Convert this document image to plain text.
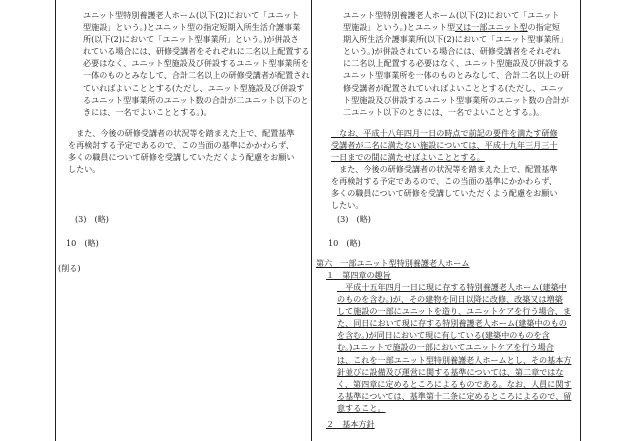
ユニット型特別養護老人ホーム(以下(2)において「ユニット
型施設」という。)とユニット型の指定短期入所生活介護事業
所(以下(2)において「ユニット型事業所」という。)が併設さ
れている場合には、研修受講者をそれぞれに二名以上配置する
必要はなく、ユニット型施設及び併設するユニット型事業所を
一体のものとみなして、合計二名以上の研修受講者が配置され
ていればよいこととする(ただし、ユニット型施設及び併設す
るユニット型事業所のユニット数の合計が二ユニット以下のと
きには、一名でよいこととする。)。

　また、今後の研修受講者の状況等を踏まえた上で、配置基準
を再検討する予定であるので、この当面の基準にかかわらず、
多くの職員について研修を受講していただくよう配慮をお願い
したい。

(3)　(略)

10　(略)

(削る)

ユニット型特別養護老人ホーム(以下(2)において「ユニット
型施設」という。)とユニット型又は一部ユニット型の指定短
期入所生活介護事業所(以下(2)において「ユニット型事業所」
という。)が併設されている場合には、研修受講者をそれぞれ
に二名以上配置する必要はなく、ユニット型施設及び併設する
ユニット型事業所を一体のものとみなして、合計二名以上の研
修受講者が配置されていればよいこととする(ただし、ユニッ
ト型施設及び併設するユニット型事業所のユニット数の合計が
二ユニット以下のときには、一名でよいこととする。)。

　なお、平成十八年四月一日の時点で前記の要件を満たす研修
受講者が二名に満たない施設については、平成十九年三月三十
一日までの間に満たせばよいこととする。

　また、今後の研修受講者の状況等を踏まえた上で、配置基準
を再検討する予定であるので、この当面の基準にかかわらず、
多くの職員について研修を受講していただくよう配慮をお願い
したい。

(3)　(略)

10　(略)

第六　一部ユニット型特別養護老人ホーム

１　第四章の趣旨

　平成十五年四月一日に現に存する特別養護老人ホーム(建築中
のものを含む。)が、その建物を同日以降に改修、改築又は増築
して施設の一部にユニットを造り、ユニットケアを行う場合、ま
た、同日において現に存する特別養護老人ホーム(建築中のもの
を含む。)が同日において現に有している(建築中のものを含
む。)ユニットで施設の一部においてユニットケアを行う場合
は、これを一部ユニット型特別養護老人ホームとし、その基本方
針並びに設備及び運営に関する基準については、第二章ではな
く、第四章に定めるところによるものである。なお、人員に関す
る基準については、基準第十二条に定めるところによるので、留
意すること。

２　基本方針
